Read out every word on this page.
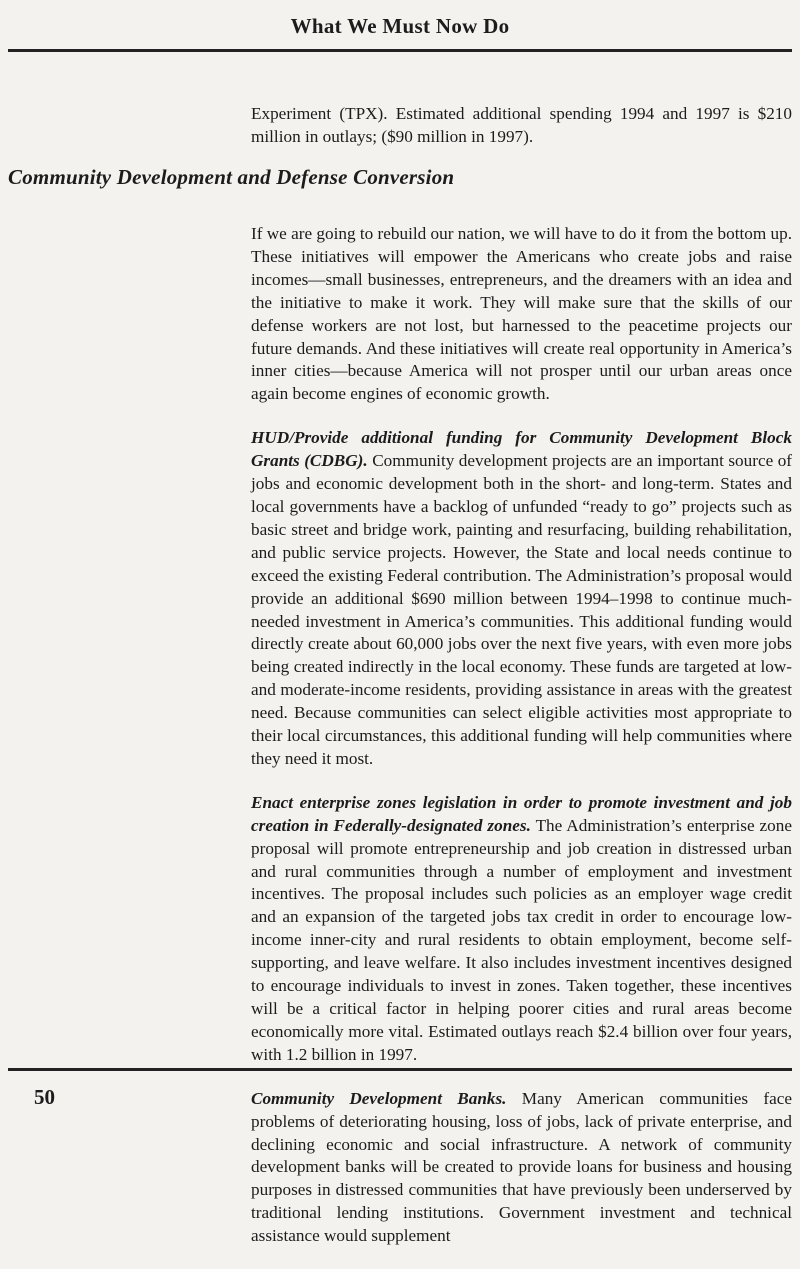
What We Must Now Do

Experiment (TPX). Estimated additional spending 1994 and 1997 is $210 million in outlays; ($90 million in 1997).

Community Development and Defense Conversion

If we are going to rebuild our nation, we will have to do it from the bottom up. These initiatives will empower the Americans who create jobs and raise incomes—small businesses, entrepreneurs, and the dreamers with an idea and the initiative to make it work. They will make sure that the skills of our defense workers are not lost, but harnessed to the peacetime projects our future demands. And these initiatives will create real opportunity in America’s inner cities—because America will not prosper until our urban areas once again become engines of economic growth.

HUD/Provide additional funding for Community Development Block Grants (CDBG). Community development projects are an important source of jobs and economic development both in the short- and long-term. States and local governments have a backlog of unfunded “ready to go” projects such as basic street and bridge work, painting and resurfacing, building rehabilitation, and public service projects. However, the State and local needs continue to exceed the existing Federal contribution. The Administration’s proposal would provide an additional $690 million between 1994–1998 to continue much-needed investment in America’s communities. This additional funding would directly create about 60,000 jobs over the next five years, with even more jobs being created indirectly in the local economy. These funds are targeted at low- and moderate-income residents, providing assistance in areas with the greatest need. Because communities can select eligible activities most appropriate to their local circumstances, this additional funding will help communities where they need it most.

Enact enterprise zones legislation in order to promote investment and job creation in Federally-designated zones. The Administration’s enterprise zone proposal will promote entrepreneurship and job creation in distressed urban and rural communities through a number of employment and investment incentives. The proposal includes such policies as an employer wage credit and an expansion of the targeted jobs tax credit in order to encourage low-income inner-city and rural residents to obtain employment, become self-supporting, and leave welfare. It also includes investment incentives designed to encourage individuals to invest in zones. Taken together, these incentives will be a critical factor in helping poorer cities and rural areas become economically more vital. Estimated outlays reach $2.4 billion over four years, with 1.2 billion in 1997.

Community Development Banks. Many American communities face problems of deteriorating housing, loss of jobs, lack of private enterprise, and declining economic and social infrastructure. A network of community development banks will be created to provide loans for business and housing purposes in distressed communities that have previously been underserved by traditional lending institutions. Government investment and technical assistance would supplement

50
